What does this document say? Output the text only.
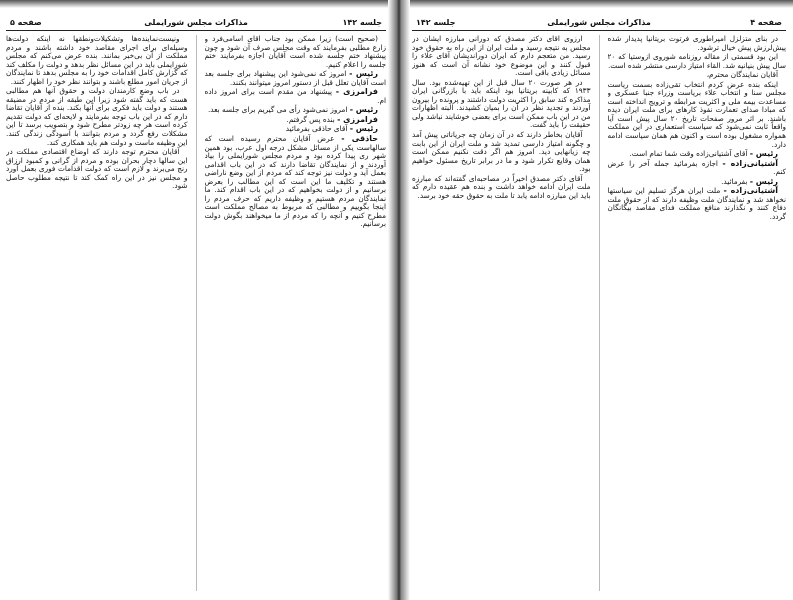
جلسه ۱۴۲
مذاکرات مجلس شورایملی
صفحه ۵

(صحیح است) زیرا ممکن بود جناب آقای اسامی‌فرد و زارع مطلبی بفرمایند که وقت مجلس صرف آن شود و چون پیشنهاد ختم جلسه شده است آقایان اجازه بفرمایند ختم جلسه را اعلام کنیم.

رئیس - امروز که نمی‌شود این پیشنهاد برای جلسه بعد است آقایان تعلل قبل از دستور امروز میتوانند بکنند.

فرامرزی - پیشنهاد من مقدم است برای امروز داده ام.

رئیس - امروز نمی‌شود رأی می گیریم برای جلسه بعد.

فرامرزی - بنده پس گرفتم.

رئیس - آقای حاذقی بفرمائید

حاذقی - عرض آقایان محترم رسیده است که سالهاست یکی از مسائل مشکل درجه اول عرب، بود همین شهر ری پیدا کرده بود و مردم مجلس شورایملی را بیاد آوردند و از نمایندگان تقاضا دارند که در این باب اقدامی بعمل آید و دولت نیز توجه کند که مردم از این وضع ناراضی هستند و تکلیف ما این است که این مطالب را بعرض برسانیم و از دولت بخواهیم که در این باب اقدام کند. ما نمایندگان مردم هستیم و وظیفه داریم که حرف مردم را اینجا بگوییم و مطالبی که مربوط به مصالح مملکت است مطرح کنیم و آنچه را که مردم از ما میخواهند بگوش دولت برسانیم.

ونیست‌نماینده‌ها وتشکیلات‌ونطقها نه اینکه دولت‌ها وسیله‌ای برای اجرای مقاصد خود داشته باشند و مردم مملکت از آن بی‌خبر بمانند. بنده عرض می‌کنم که مجلس شورایملی باید در این مسائل نظر بدهد و دولت را مکلف کند که گزارش کامل اقدامات خود را به مجلس بدهد تا نمایندگان از جریان امور مطلع باشند و بتوانند نظر خود را اظهار کنند.

در باب وضع کارمندان دولت و حقوق آنها هم مطالبی هست که باید گفته شود زیرا این طبقه از مردم در مضیقه هستند و دولت باید فکری برای آنها بکند. بنده از آقایان تقاضا دارم که در این باب توجه بفرمایند و لایحه‌ای که دولت تقدیم کرده است هر چه زودتر مطرح شود و بتصویب برسد تا این مشکلات رفع گردد و مردم بتوانند با آسودگی زندگی کنند. این وظیفه ماست و دولت هم باید همکاری کند.

آقایان محترم توجه دارند که اوضاع اقتصادی مملکت در این سالها دچار بحران بوده و مردم از گرانی و کمبود ارزاق رنج می‌برند و لازم است که دولت اقدامات فوری بعمل آورد و مجلس نیز در این راه کمک کند تا نتیجه مطلوب حاصل شود.

صفحه ۴
مذاکرات مجلس شورایملی
جلسه ۱۴۲

در بنای متزلزل امپراطوری فرتوت بریتانیا پدیدار شده پیش‌لرزش پیش خیال ترشود.

این بود قسمتی از مقاله روزنامه شوروی ازوستیا که ۲۰ سال پیش بنیانیه شد. القاء امتیاز دارسی منتشر شده است.

آقایان نمایندگان محترم،

اینکه بنده عرض کردم انتخاب تقی‌زاده بسمت ریاست مجلس سنا و انتخاب علاء بریاست وزراء جنبا عسکری و مساعدت بیمه ملی و اکثریت مرابطه و ترویج انداخته است که مبادا صدای تعمارت نفوذ کارهای برای ملت ایران دیده باشند. بر اثر مرور صفحات تاریخ ۲۰ سال پیش است آیا واقعاً ثابت نمی‌شود که سیاست استعماری در این مملکت همواره مشغول بوده است و اکنون هم همان سیاست ادامه دارد.

رئیس - آقای آشتیانی‌زاده وقت شما تمام است.

آشتیانی‌زاده - اجازه بفرمائید جمله آخر را عرض کنم.

رئیس - بفرمائید.

آشتیانی‌زاده - ملت ایران هرگز تسلیم این سیاستها نخواهد شد و نمایندگان ملت وظیفه دارند که از حقوق ملت دفاع کنند و نگذارند منافع مملکت فدای مقاصد بیگانگان گردد.

آرزوی آقای دکتر مصدق که دورانی مبارزه ایشان در مجلس به نتیجه رسید و ملت ایران از این راه به حقوق خود رسید. من متعجم دارم که ایران دوراندیشان آقای علاء را قبول کنند و این موضوع خود نشانه آن است که هنوز مسائل زیادی باقی است.

در هر صورت ۲۰ سال قبل از این تهیه‌شده بود. سال ۱۹۳۳ که کابینه بریتانیا بود اینکه باید با بازرگانی ایران مذاکره کند سابق را اکثریت دولت داشتند و پرونده را بیرون آوردند و تجدید نظر در آن را بمیان کشیدند. البته اظهارات من در این باب ممکن است برای بعضی خوشایند نباشد ولی حقیقت را باید گفت.

آقایان بخاطر دارند که در آن زمان چه جریاناتی پیش آمد و چگونه امتیاز دارسی تمدید شد و ملت ایران از این بابت چه زیانهایی دید. امروز هم اگر دقت نکنیم ممکن است همان وقایع تکرار شود و ما در برابر تاریخ مسئول خواهیم بود.

آقای دکتر مصدق اخیراً در مصاحبه‌ای گفته‌اند که مبارزه ملت ایران ادامه خواهد داشت و بنده هم عقیده دارم که باید این مبارزه ادامه یابد تا ملت به حقوق حقه خود برسد.
